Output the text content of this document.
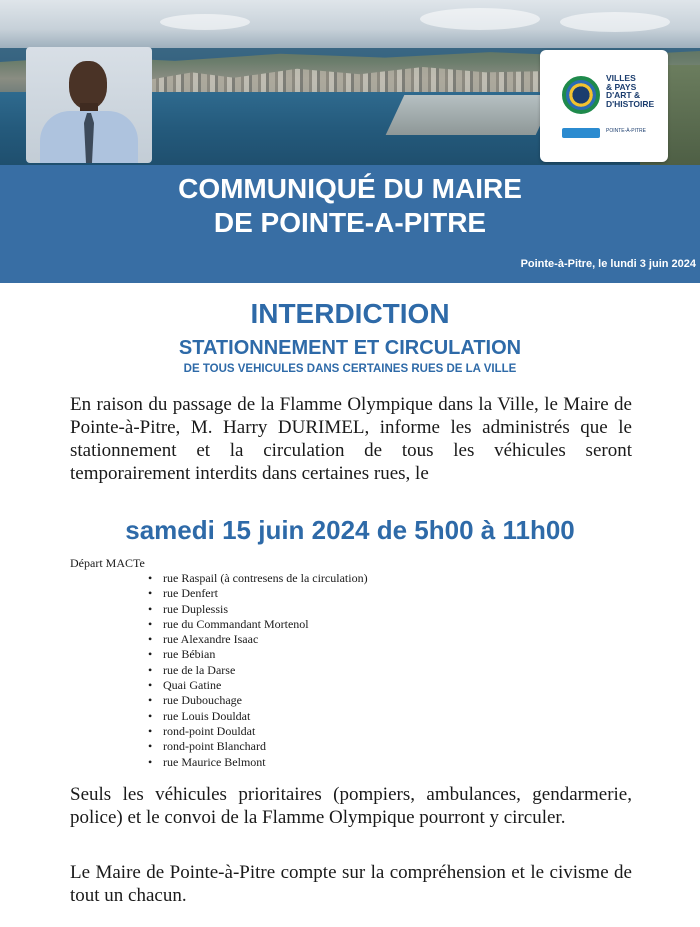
VILLES
& PAYS
D'ART &
D'HISTOIRE
POINTE-À-PITRE
COMMUNIQUÉ DU MAIRE
DE POINTE-A-PITRE
Pointe-à-Pitre, le lundi 3 juin 2024
INTERDICTION
STATIONNEMENT ET CIRCULATION
DE TOUS VEHICULES DANS CERTAINES RUES DE LA VILLE
En raison du passage de la Flamme Olympique dans la Ville, le Maire de Pointe-à-Pitre, M. Harry DURIMEL, informe les administrés que le stationnement et la circulation de tous les véhicules seront temporairement interdits dans certaines rues, le
samedi 15 juin 2024 de 5h00 à 11h00
Départ MACTe
• rue Raspail (à contresens de la circulation)
• rue Denfert
• rue Duplessis
• rue du Commandant Mortenol
• rue Alexandre Isaac
• rue Bébian
• rue de la Darse
• Quai Gatine
• rue Dubouchage
• rue Louis Douldat
• rond-point Douldat
• rond-point Blanchard
• rue Maurice Belmont
Seuls les véhicules prioritaires (pompiers, ambulances, gendarmerie, police) et le convoi de la Flamme Olympique pourront y circuler.
Le Maire de Pointe-à-Pitre compte sur la compréhension et le civisme de tout un chacun.
